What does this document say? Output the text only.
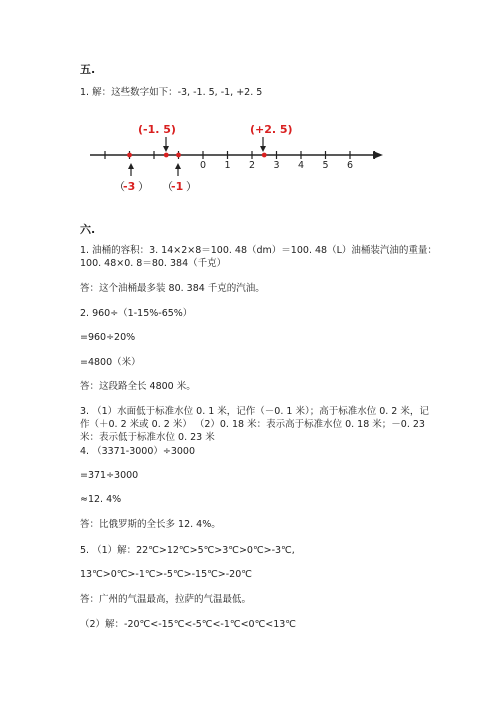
五.
1. 解：这些数字如下：-3, -1. 5, -1, +2. 5
0 1 2 3 4 5 6
(-1. 5)	(+2. 5)
（
-3 ） （
-1 ）
六.
1. 油桶的容积：3. 14×2×8＝100. 48（dm）＝100. 48（L）油桶装汽油的重量：
100. 48×0. 8＝80. 384（千克）
答：这个油桶最多装 80. 384 千克的汽油。
2. 960÷（1-15%-65%）
=960÷20%
=4800（米）
答：这段路全长 4800 米。
3. （1）水面低于标准水位 0. 1 米，记作（－0. 1 米）；高于标准水位 0. 2 米，记
作（＋0. 2 米或 0. 2 米） （2）0. 18 米：表示高于标准水位 0. 18 米；－0. 23
米：表示低于标准水位 0. 23 米
4. （3371-3000）÷3000
=371÷3000
≈12. 4%
答：比俄罗斯的全长多 12. 4%。
5. （1）解：22℃>12℃>5℃>3℃>0℃>-3℃,
13℃>0℃>-1℃>-5℃>-15℃>-20℃
答：广州的气温最高，拉萨的气温最低。
（2）解：-20℃<-15℃<-5℃<-1℃<0℃<13℃
